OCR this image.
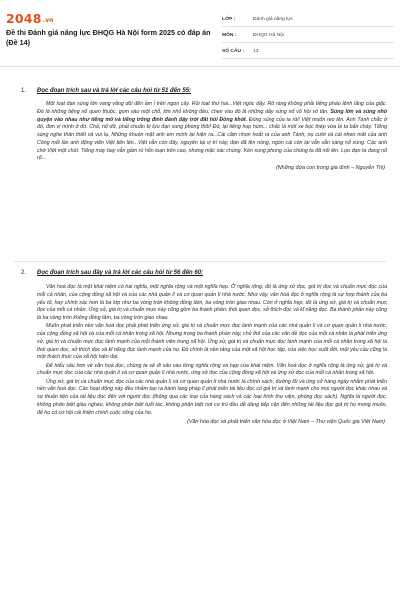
2048.vn
Đề thi Đánh giá năng lực ĐHQG Hà Nội form 2025 có đáp án (Đề 14)
LỚP :	Đánh giá năng lực
MÔN :	ĐHQG Hà Nội
SỐ CÂU :	13
1. Đọc đoạn trích sau và trả lời các câu hỏi từ 51 đến 55:

Một loạt đạn súng lớn vang vằng dội đến ầm ỉ trên ngọn cây. Rồi loạt thứ hai...Việt ngóc dậy. Rõ ràng không phải tiếng pháo lệnh lằng của giặc. Đó là những tiếng nổ quen thuộc, gom vào một chỗ, lớn nhỏ không đều, chen vào đó là những dây súng nổ vô hồi vô tận. Súng lớn và súng nhỏ quyện vào nhau như tiếng mõ và tiếng trống đình đánh dậy trời đất hồi Đồng khởi. Đúng súng của ta rồi! Việt muốn reo lên. Anh Tánh chắc ở đó, đơn vị mình ở đó. Chả, nổ dữ, phải chuẩn bị lựu đạn xung phong thôi! Đó, lại tiếng hụp hùm... chắc là một xe bọc thép vừa bị ta bắn cháy. Tiếng súng nghe thân thiết và vui lạ. Những khuôn mặt anh em mình lại hiện ra...Cái cằm nhọn hoắt ra của anh Tánh, nụ cười và cái nheo mắt của anh Công mỗi lần anh động viên Việt tiến lên...Việt vẫn còn đây, nguyên tại vị trí này, đạn đã lên nòng, ngón cái còn lại vẫn sẵn sàng nổ súng. Các anh chờ Việt một chút. Tiếng máy bay vẫn gầm rú hỗn loạn trên cao, nhưng mặc xác chúng. Kèn xung phong của chúng ta đã nổi lên. Lựu đạn ta đang nổ rộ...

(Những đứa con trong gia đình – Nguyễn Thi)
2. Đọc đoạn trích sau đây và trả lời các câu hỏi từ 56 đến 60:

Văn hoá đọc là một khái niệm có hai nghĩa, một nghĩa rộng và một nghĩa hẹp. Ở nghĩa rộng, đó là ứng xử đọc, giá trị đọc và chuẩn mực đọc của mỗi cá nhân, của cộng đồng xã hội và của các nhà quản lí và cơ quan quản lí nhà nước. Như vậy, văn hoá đọc ở nghĩa rộng là sự hợp thành của ba yếu tố, hay chính xác hơn là ba lớp như ba vòng tròn không đồng tâm, ba vòng tròn giao nhau. Còn ở nghĩa hẹp, đó là ứng xử, giá trị và chuẩn mực đọc của mỗi cá nhân. Ứng xử, giá trị và chuẩn mực này cũng gồm ba thành phần: thói quen đọc, sở thích đọc và kĩ năng đọc. Ba thành phần này cũng là ba vòng tròn không đồng tâm, ba vòng tròn giao nhau.

Muốn phát triển nền văn hoá đọc phải phát triển ứng xử, giá trị và chuẩn mực đọc lành mạnh của các nhà quản lí và cơ quan quản lí nhà nước, của cộng đồng xã hội và của mỗi cá nhân trong xã hội. Nhưng trong ba thành phần này, chủ thể của các vấn đề đọc của mỗi cá nhân là phát triển ứng xử, giá trị và chuẩn mực đọc lành mạnh của mỗi thành viên trong xã hội. Ứng xử, giá trị và chuẩn mực đọc lành mạnh của mỗi cá nhân trong xã hội là thói quen đọc, sở thích đọc và kĩ năng đọc lành mạnh của họ. Đó chính là nền tảng của một xã hội học tập, của việc học suốt đời, một yêu cầu cũng là một thách thức của xã hội hiện đại.

Để hiểu sâu hơn về văn hoá đọc, chúng ta sẽ đi sâu vào từng nghĩa rộng và hẹp của khái niệm. Văn hoá đọc ở nghĩa rộng là ứng xử, giá trị và chuẩn mực đọc của các nhà quản lí và cơ quan quản lí nhà nước, ứng xử đọc của cộng đồng xã hội và ứng xử đọc của mỗi cá nhân trong xã hội.

Ứng xử, giá trị và chuẩn mực đọc của các nhà quản lí và cơ quan quản lí nhà nước là chính sách, đường lối và ứng xử hàng ngày nhằm phát triển nền văn hoá đọc. Các hoạt động này đều nhằm tạo ra hành lang pháp lí phát triển tài liệu đọc có giá trị và lành mạnh cho mọi người đọc khác nhau và sự thuận tiện của tài liệu đọc đến với người đọc (thông qua các loại của hàng sách và các loại hình thư viện, phòng đọc sách). Nghĩa là người đọc, không phân biệt giàu nghèo, không phân biệt tuổi tác, không phân biệt nơi cư trú đều dễ dàng tiếp cận đến những tài liệu đọc giá trị họ mong muốn, để họ có cơ hội cải thiện chính cuộc sống của họ.

(Văn hóa đọc và phát triển văn hóa đọc ở Việt Nam – Thư viện Quốc gia Việt Nam)
